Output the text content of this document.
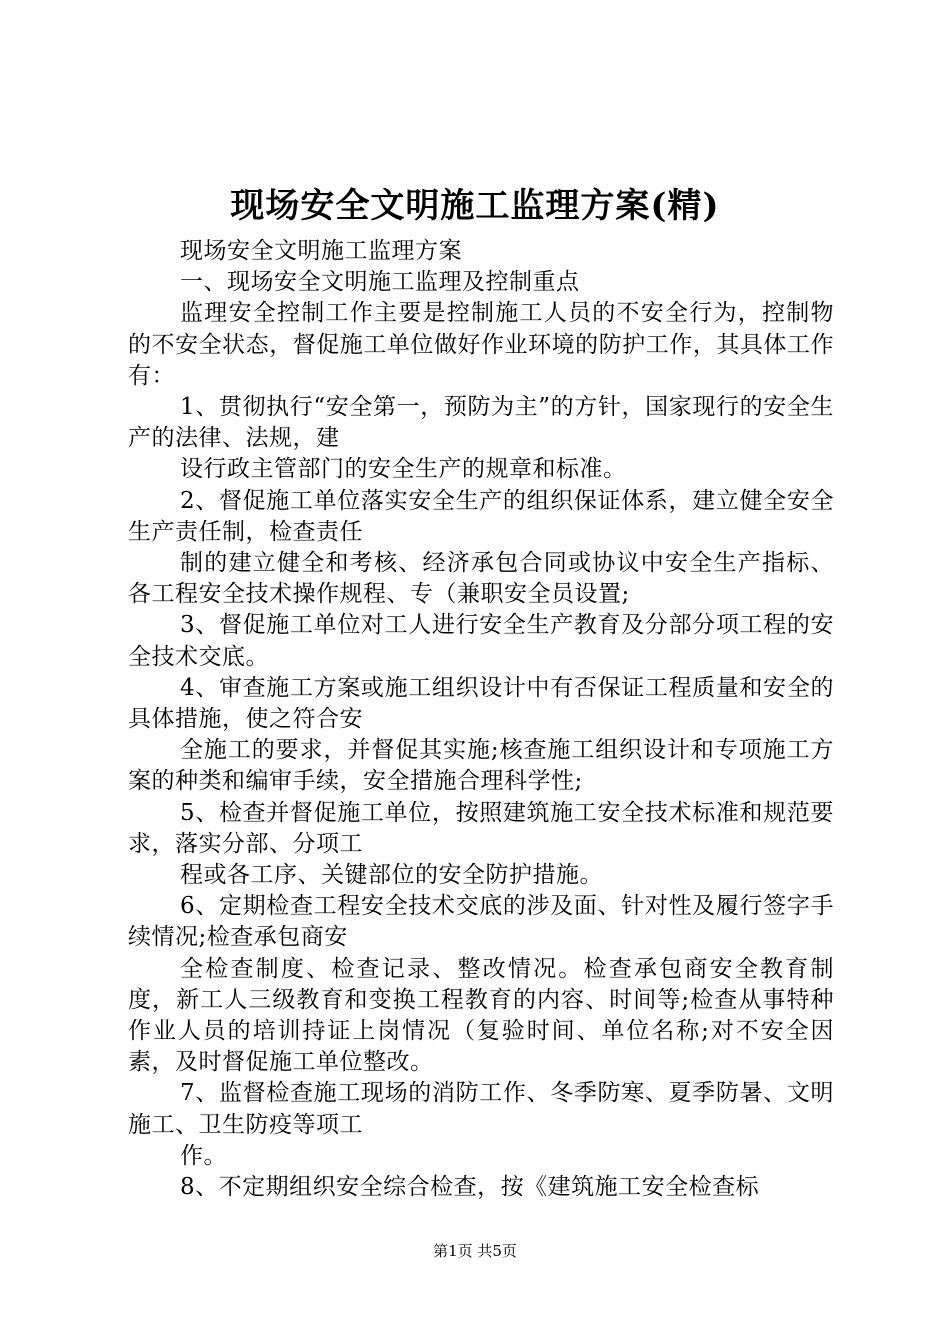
现场安全文明施工监理方案(精)

现场安全文明施工监理方案

一、现场安全文明施工监理及控制重点

监理安全控制工作主要是控制施工人员的不安全行为，控制物的不安全状态，督促施工单位做好作业环境的防护工作，其具体工作有：

1、贯彻执行“安全第一，预防为主”的方针，国家现行的安全生产的法律、法规，建

设行政主管部门的安全生产的规章和标准。

2、督促施工单位落实安全生产的组织保证体系，建立健全安全生产责任制，检查责任

制的建立健全和考核、经济承包合同或协议中安全生产指标、各工程安全技术操作规程、专（兼职安全员设置;

3、督促施工单位对工人进行安全生产教育及分部分项工程的安全技术交底。

4、审查施工方案或施工组织设计中有否保证工程质量和安全的具体措施，使之符合安

全施工的要求，并督促其实施;核查施工组织设计和专项施工方案的种类和编审手续，安全措施合理科学性;

5、检查并督促施工单位，按照建筑施工安全技术标准和规范要求，落实分部、分项工

程或各工序、关键部位的安全防护措施。

6、定期检查工程安全技术交底的涉及面、针对性及履行签字手续情况;检查承包商安

全检查制度、检查记录、整改情况。检查承包商安全教育制度，新工人三级教育和变换工程教育的内容、时间等;检查从事特种作业人员的培训持证上岗情况（复验时间、单位名称;对不安全因素，及时督促施工单位整改。

7、监督检查施工现场的消防工作、冬季防寒、夏季防暑、文明施工、卫生防疫等项工

作。

8、不定期组织安全综合检查，按《建筑施工安全检查标

第1页 共5页
